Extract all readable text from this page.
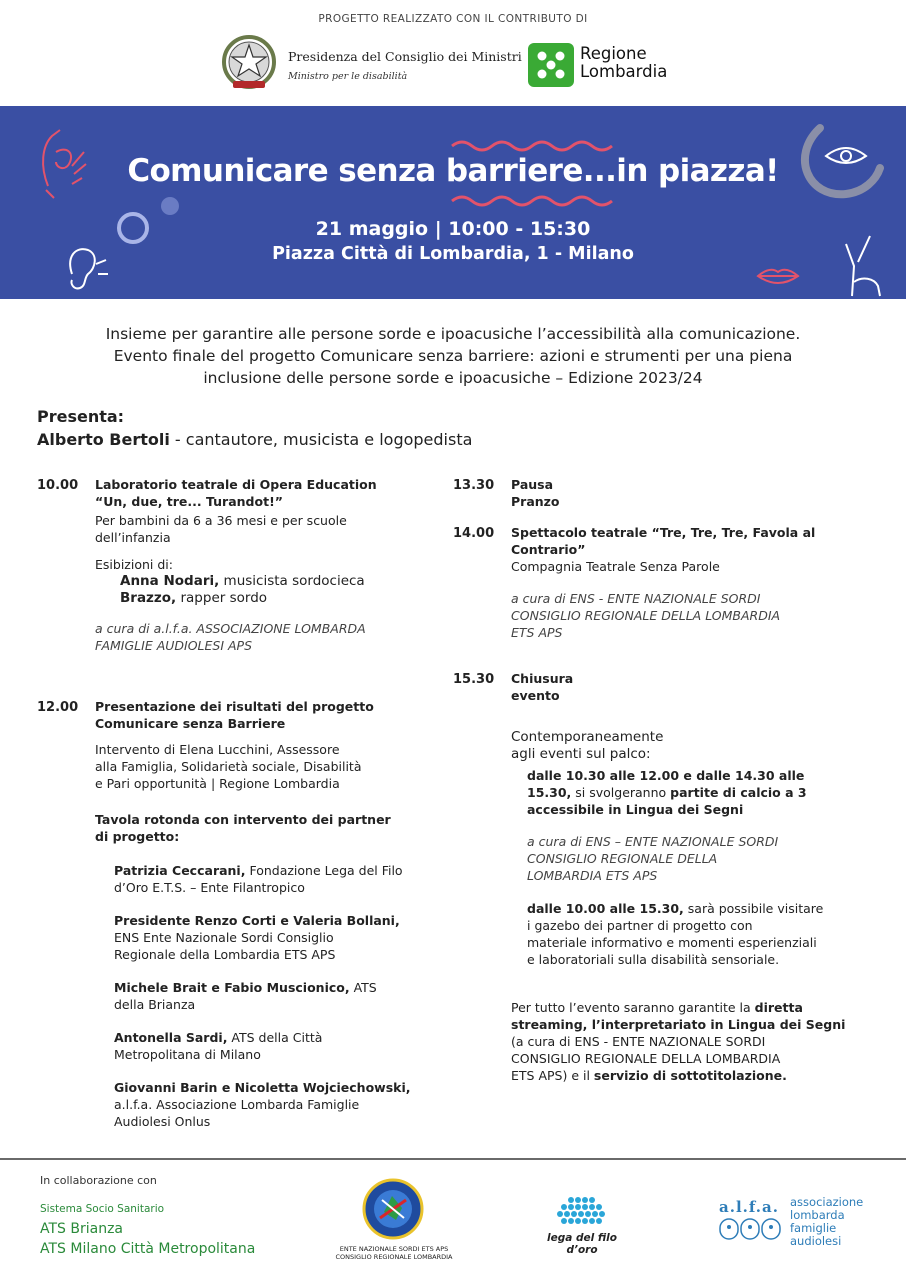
PROGETTO REALIZZATO CON IL CONTRIBUTO DI
Presidenza del Consiglio dei Ministri
Ministro per le disabilità
Regione
Lombardia
Comunicare senza barriere...in piazza!
21 maggio | 10:00 - 15:30
Piazza Città di Lombardia, 1 - Milano

Insieme per garantire alle persone sorde e ipoacusiche l’accessibilità alla comunicazione.

Evento finale del progetto Comunicare senza barriere: azioni e strumenti per una piena

inclusione delle persone sorde e ipoacusiche – Edizione 2023/24

Presenta:
Alberto Bertoli - cantautore, musicista e logopedista
10.00 Laboratorio teatrale di Opera Education
“Un, due, tre... Turandot!”
Per bambini da 6 a 36 mesi e per scuole
dell’infanzia
Esibizioni di:
Anna Nodari, musicista sordocieca
Brazzo, rapper sordo
a cura di a.l.f.a. ASSOCIAZIONE LOMBARDA
FAMIGLIE AUDIOLESI APS
12.00 Presentazione dei risultati del progetto
Comunicare senza Barriere
Intervento di Elena Lucchini, Assessore
alla Famiglia, Solidarietà sociale, Disabilità
e Pari opportunità | Regione Lombardia
Tavola rotonda con intervento dei partner
di progetto:
Patrizia Ceccarani, Fondazione Lega del Filo
d’Oro E.T.S. – Ente Filantropico
Presidente Renzo Corti e Valeria Bollani,
ENS Ente Nazionale Sordi Consiglio
Regionale della Lombardia ETS APS
Michele Brait e Fabio Muscionico, ATS
della Brianza
Antonella Sardi, ATS della Città
Metropolitana di Milano
Giovanni Barin e Nicoletta Wojciechowski,
a.l.f.a. Associazione Lombarda Famiglie
Audiolesi Onlus
13.30 Pausa Pranzo
14.00 Spettacolo teatrale “Tre, Tre, Tre, Favola al
Contrario”
Compagnia Teatrale Senza Parole
a cura di ENS - ENTE NAZIONALE SORDI
CONSIGLIO REGIONALE DELLA LOMBARDIA
ETS APS
15.30 Chiusura evento
Contemporaneamente agli eventi sul palco:
dalle 10.30 alle 12.00 e dalle 14.30 alle
15.30, si svolgeranno partite di calcio a 3
accessibile in Lingua dei Segni
a cura di ENS – ENTE NAZIONALE SORDI
CONSIGLIO REGIONALE DELLA
LOMBARDIA ETS APS
dalle 10.00 alle 15.30, sarà possibile visitare
i gazebo dei partner di progetto con
materiale informativo e momenti esperienziali
e laboratoriali sulla disabilità sensoriale.
Per tutto l’evento saranno garantite la diretta
streaming, l’interpretariato in Lingua dei Segni
(a cura di ENS - ENTE NAZIONALE SORDI
CONSIGLIO REGIONALE DELLA LOMBARDIA
ETS APS) e il servizio di sottotitolazione.
In collaborazione con
Sistema Socio Sanitario
ATS Brianza
ATS Milano Città Metropolitana	ENTE NAZIONALE SORDI ETS APS
CONSIGLIO REGIONALE LOMBARDIA
lega del filo d’oro
a.l.f.a. associazione
lombarda
famiglie
audiolesi
